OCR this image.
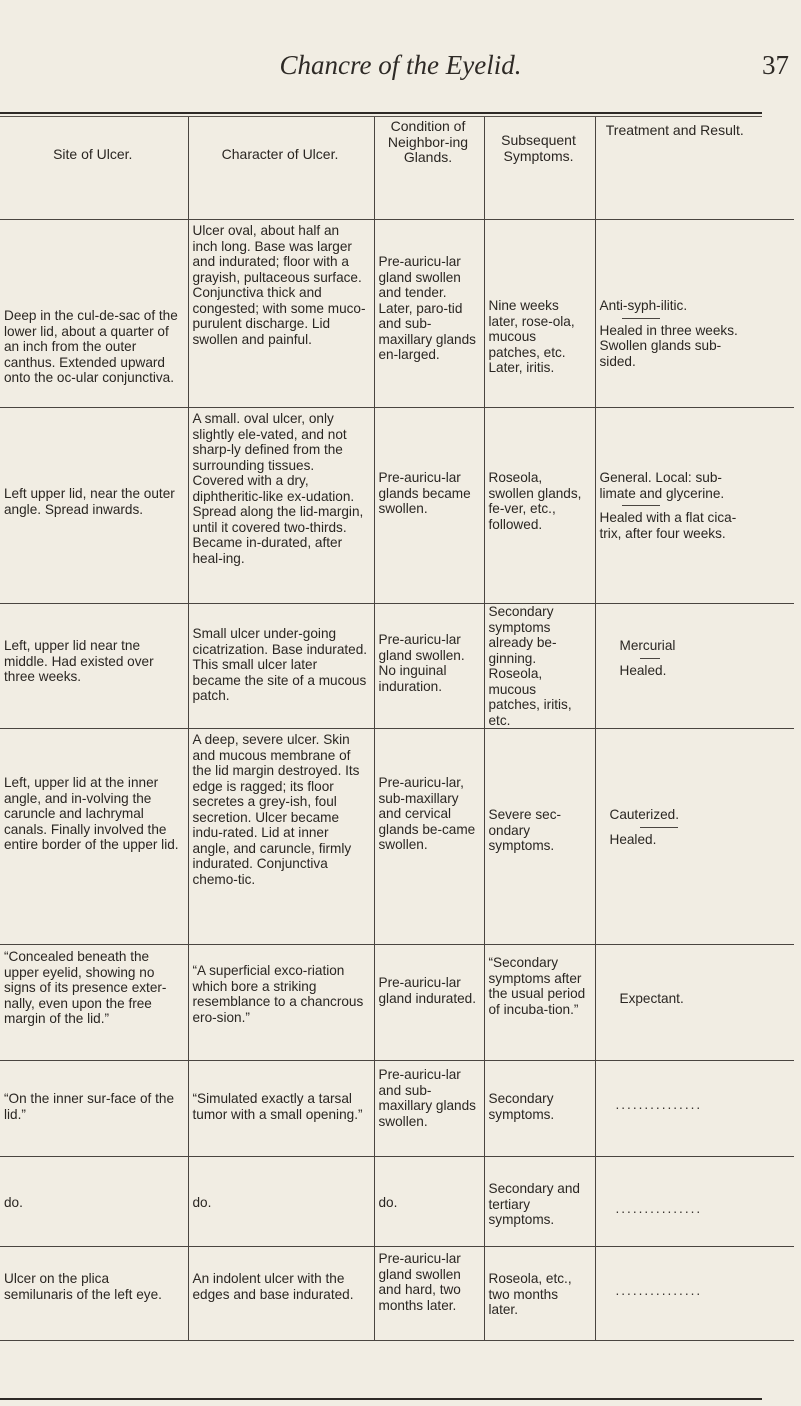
Chancre of the Eyelid.	37
Site of Ulcer.	Character of Ulcer.	Condition of Neighbor-ing Glands.	Subsequent Symptoms.	Treatment and Result.
Deep in the cul-de-sac of the lower lid, about a quarter of an inch from the outer canthus. Extended upward onto the oc-ular conjunctiva.	Ulcer oval, about half an inch long. Base was larger and indurated; floor with a grayish, pultaceous surface. Conjunctiva thick and congested; with some muco-purulent discharge. Lid swollen and painful.	Pre-auricu-lar gland swollen and tender. Later, paro-tid and sub-maxillary glands en-larged.	Nine weeks later, rose-ola, mucous patches, etc. Later, iritis.	Anti-syph-ilitic.
Healed in three weeks. Swollen glands sub-sided.

Left upper lid, near the outer angle. Spread inwards.	A small. oval ulcer, only slightly ele-vated, and not sharp-ly defined from the surrounding tissues. Covered with a dry, diphtheritic-like ex-udation. Spread along the lid-margin, until it covered two-thirds. Became in-durated, after heal-ing.	Pre-auricu-lar glands became swollen.	Roseola, swollen glands, fe-ver, etc., followed.	General. Local: sub-limate and glycerine.
Healed with a flat cica-trix, after four weeks.

Left, upper lid near tne middle. Had existed over three weeks.	Small ulcer under-going cicatrization. Base indurated. This small ulcer later became the site of a mucous patch.	Pre-auricu-lar gland swollen. No inguinal induration.	Secondary symptoms already be-ginning. Roseola, mucous patches, iritis, etc.	Mercurial
Healed.

Left, upper lid at the inner angle, and in-volving the caruncle and lachrymal canals. Finally involved the entire border of the upper lid.	A deep, severe ulcer. Skin and mucous membrane of the lid margin destroyed. Its edge is ragged; its floor secretes a grey-ish, foul secretion. Ulcer became indu-rated. Lid at inner angle, and caruncle, firmly indurated. Conjunctiva chemo-tic.	Pre-auricu-lar, sub-maxillary and cervical glands be-came swollen.	Severe sec-ondary symptoms.	Cauterized.
Healed.

“Concealed beneath the upper eyelid, showing no signs of its presence exter-nally, even upon the free margin of the lid.”	“A superficial exco-riation which bore a striking resemblance to a chancrous ero-sion.”	Pre-auricu-lar gland indurated.	“Secondary symptoms after the usual period of incuba-tion.”	Expectant.

“On the inner sur-face of the lid.”	“Simulated exactly a tarsal tumor with a small opening.”	Pre-auricu-lar and sub-maxillary glands swollen.	Secondary symptoms.	...............

do.	do.	do.	Secondary and tertiary symptoms.	...............

Ulcer on the plica semilunaris of the left eye.	An indolent ulcer with the edges and base indurated.	Pre-auricu-lar gland swollen and hard, two months later.	Roseola, etc., two months later.	...............
